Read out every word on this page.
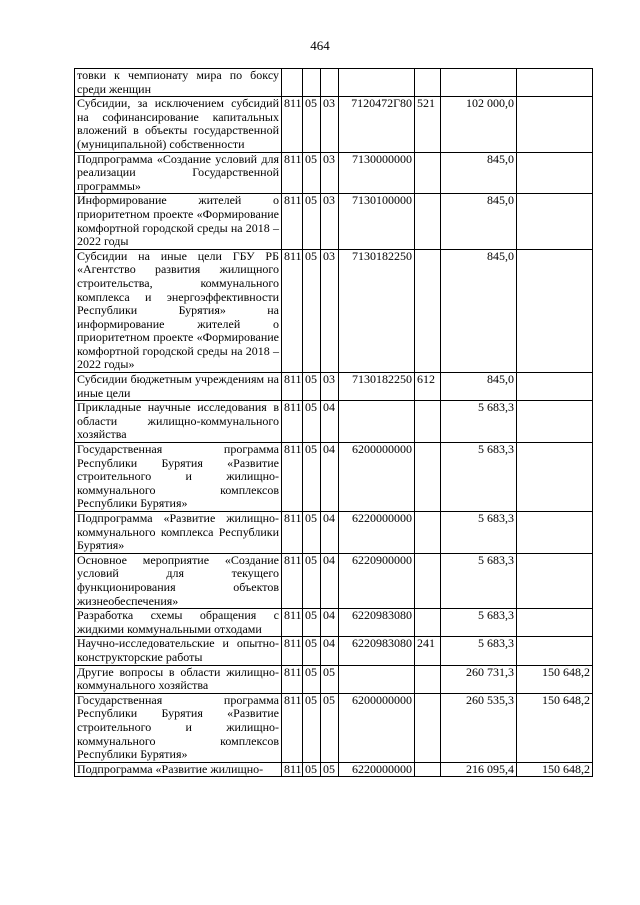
464
товки к чемпионату мира по боксу среди женщин							
Субсидии, за исключением субсидий на софинансирование капитальных вложений в объекты государственной (муниципальной) собственности	811	05	03	7120472Г80	521	102 000,0	
Подпрограмма «Создание условий для реализации Государственной программы»	811	05	03	7130000000		845,0	
Информирование жителей о приоритетном проекте «Формирование комфортной городской среды на 2018 – 2022 годы	811	05	03	7130100000		845,0	
Субсидии на иные цели ГБУ РБ «Агентство развития жилищного строительства, коммунального комплекса и энергоэффективности Республики Бурятия» на информирование жителей о приоритетном проекте «Формирование комфортной городской среды на 2018 – 2022 годы»	811	05	03	7130182250		845,0	
Субсидии бюджетным учреждениям на иные цели	811	05	03	7130182250	612	845,0	
Прикладные научные исследования в области жилищно-коммунального хозяйства	811	05	04			5 683,3	
Государственная программа Республики Бурятия «Развитие строительного и жилищно-коммунального комплексов Республики Бурятия»	811	05	04	6200000000		5 683,3	
Подпрограмма «Развитие жилищно-коммунального комплекса Республики Бурятия»	811	05	04	6220000000		5 683,3	
Основное мероприятие «Создание условий для текущего функционирования объектов жизнеобеспечения»	811	05	04	6220900000		5 683,3	
Разработка схемы обращения с жидкими коммунальными отходами	811	05	04	6220983080		5 683,3	
Научно-исследовательские и опытно-конструкторские работы	811	05	04	6220983080	241	5 683,3	
Другие вопросы в области жилищно-коммунального хозяйства	811	05	05			260 731,3	150 648,2
Государственная программа Республики Бурятия «Развитие строительного и жилищно-коммунального комплексов Республики Бурятия»	811	05	05	6200000000		260 535,3	150 648,2
Подпрограмма «Развитие жилищно-	811	05	05	6220000000		216 095,4	150 648,2
